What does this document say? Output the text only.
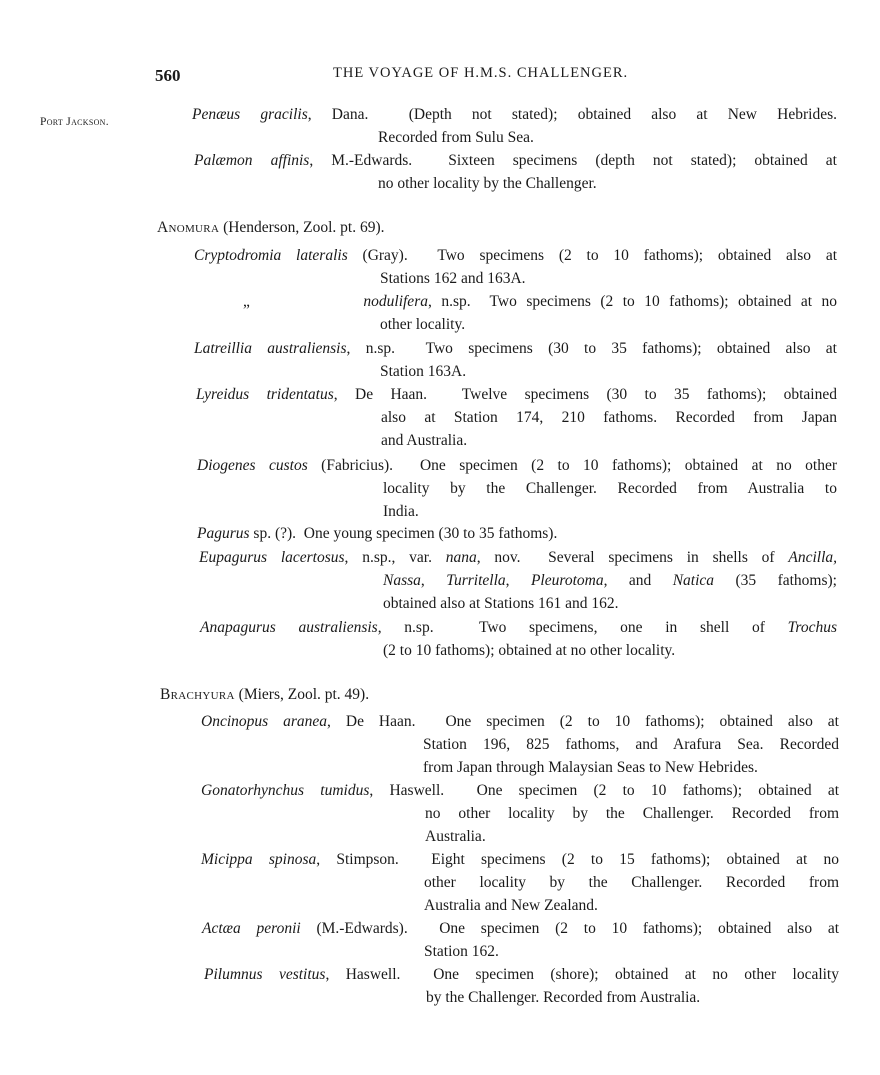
560	THE VOYAGE OF H.M.S. CHALLENGER.
Port Jackson.	Penæus gracilis, Dana.	(Depth not stated); obtained also at New Hebrides.
Recorded from Sulu Sea.
Palæmon affinis, M.-Edwards. Sixteen specimens (depth not stated); obtained at
no other locality by the Challenger.
Anomura (Henderson, Zool. pt. 69).
Cryptodromia lateralis (Gray). Two specimens (2 to 10 fathoms); obtained also at
Stations 162 and 163A.
„	nodulifera, n.sp. Two specimens (2 to 10 fathoms); obtained at no
other locality.
Latreillia australiensis, n.sp. Two specimens (30 to 35 fathoms); obtained also at
Station 163A.
Lyreidus tridentatus, De Haan. Twelve specimens (30 to 35 fathoms); obtained
also at Station 174, 210 fathoms. Recorded from Japan
and Australia.
Diogenes custos (Fabricius). One specimen (2 to 10 fathoms); obtained at no other
locality by the Challenger. Recorded from Australia to
India.
Pagurus sp. (?). One young specimen (30 to 35 fathoms).
Eupagurus lacertosus, n.sp., var. nana, nov. Several specimens in shells of Ancilla,
Nassa, Turritella, Pleurotoma, and Natica (35 fathoms);
obtained also at Stations 161 and 162.
Anapagurus australiensis, n.sp.	Two specimens, one in shell of Trochus
(2 to 10 fathoms); obtained at no other locality.
Brachyura (Miers, Zool. pt. 49).
Oncinopus aranea, De Haan. One specimen (2 to 10 fathoms); obtained also at
Station 196, 825 fathoms, and Arafura Sea. Recorded
from Japan through Malaysian Seas to New Hebrides.
Gonatorhynchus tumidus, Haswell. One specimen (2 to 10 fathoms); obtained at
no other locality by the Challenger. Recorded from
Australia.
Micippa spinosa, Stimpson. Eight specimens (2 to 15 fathoms); obtained at no
other locality by the Challenger. Recorded from
Australia and New Zealand.
Actæa peronii (M.-Edwards). One specimen (2 to 10 fathoms); obtained also at
Station 162.
Pilumnus vestitus, Haswell. One specimen (shore); obtained at no other locality
by the Challenger. Recorded from Australia.
